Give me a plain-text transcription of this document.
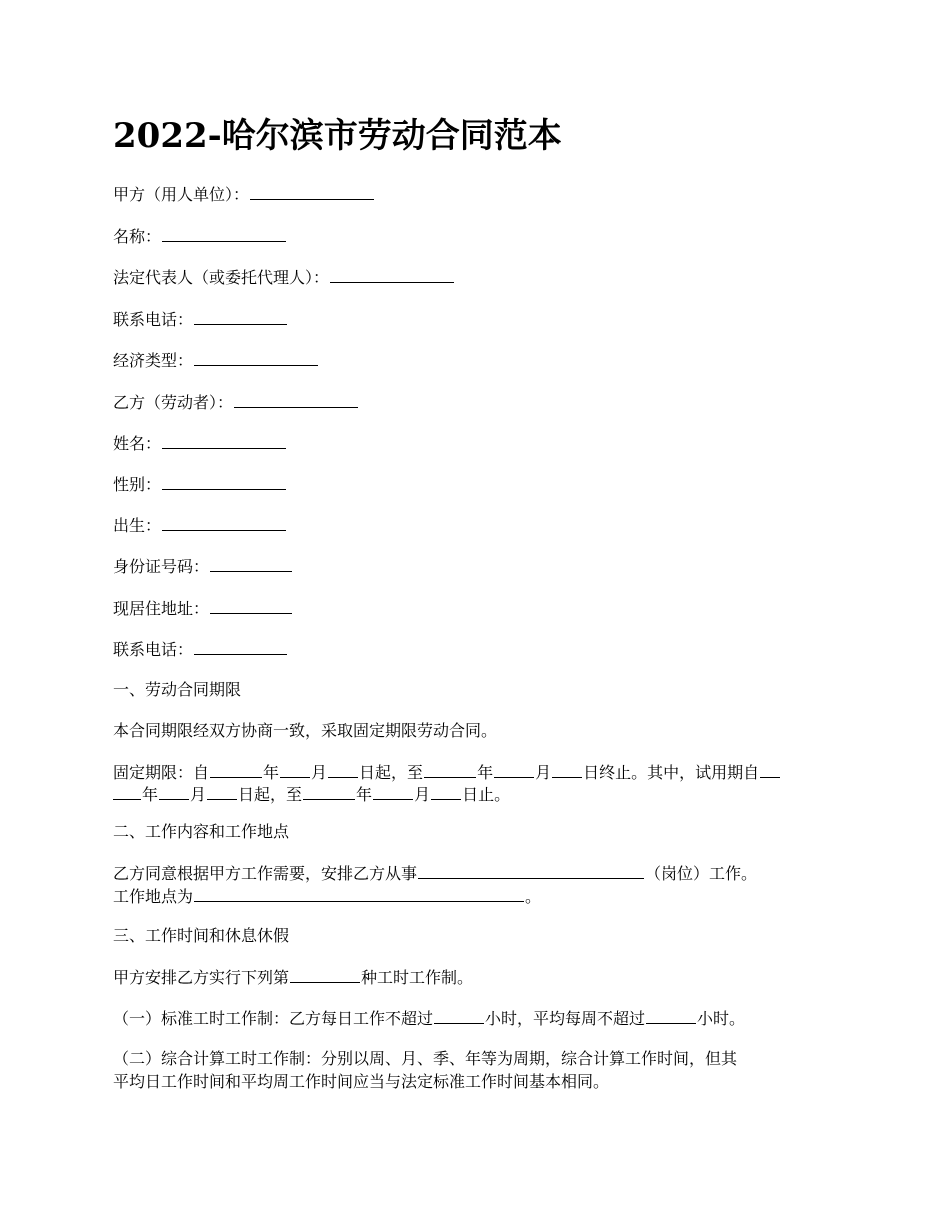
2022-哈尔滨市劳动合同范本

甲方（用人单位）：

名称：

法定代表人（或委托代理人）：

联系电话：

经济类型：

乙方（劳动者）：

姓名：

性别：

出生：

身份证号码：

现居住地址：

联系电话：

一、劳动合同期限

本合同期限经双方协商一致，采取固定期限劳动合同。

固定期限：自	年 月 日起，至	年	月 日终止。其中，试用期自

年 月 日起，至	年	月 日止。

二、工作内容和工作地点

乙方同意根据甲方工作需要，安排乙方从事	（岗位）工作。

工作地点为	。

三、工作时间和休息休假

甲方安排乙方实行下列第	种工时工作制。

（一）标准工时工作制：乙方每日工作不超过	小时，平均每周不超过	小时。

（二）综合计算工时工作制：分别以周、月、季、年等为周期，综合计算工作时间，但其

平均日工作时间和平均周工作时间应当与法定标准工作时间基本相同。
